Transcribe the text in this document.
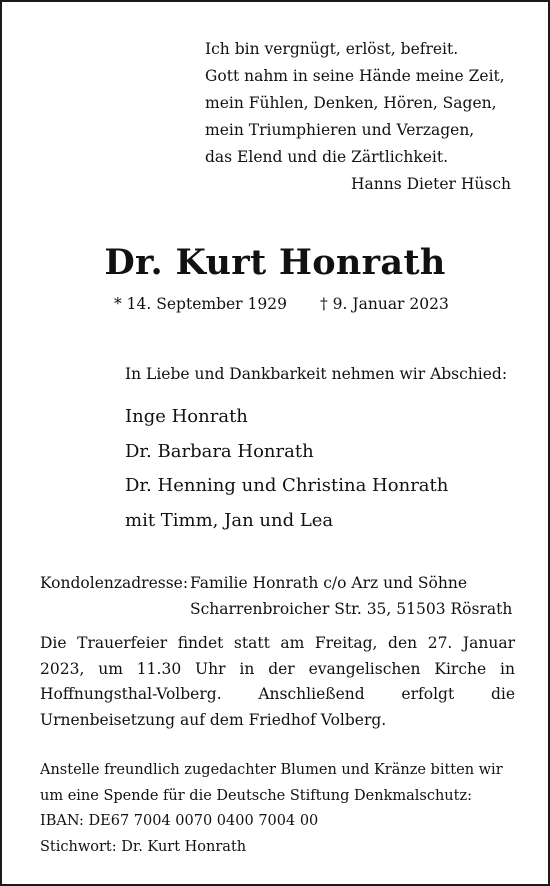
Ich bin vergnügt, erlöst, befreit.
Gott nahm in seine Hände meine Zeit,
mein Fühlen, Denken, Hören, Sagen,
mein Triumphieren und Verzagen,
das Elend und die Zärtlichkeit.
Hanns Dieter Hüsch
Dr. Kurt Honrath
* 14. September 1929 † 9. Januar 2023
In Liebe und Dankbarkeit nehmen wir Abschied:
Inge Honrath
Dr. Barbara Honrath
Dr. Henning und Christina Honrath
mit Timm, Jan und Lea
Kondolenzadresse: Familie Honrath c/o Arz und Söhne
Scharrenbroicher Str. 35, 51503 Rösrath
Die Trauerfeier findet statt am Freitag, den 27. Januar 2023, um 11.30 Uhr in der evangelischen Kirche in Hoffnungsthal-Volberg. Anschließend erfolgt die Urnenbeisetzung auf dem Friedhof Volberg.
Anstelle freundlich zugedachter Blumen und Kränze bitten wir
um eine Spende für die Deutsche Stiftung Denkmalschutz:
IBAN: DE67 7004 0070 0400 7004 00
Stichwort: Dr. Kurt Honrath
